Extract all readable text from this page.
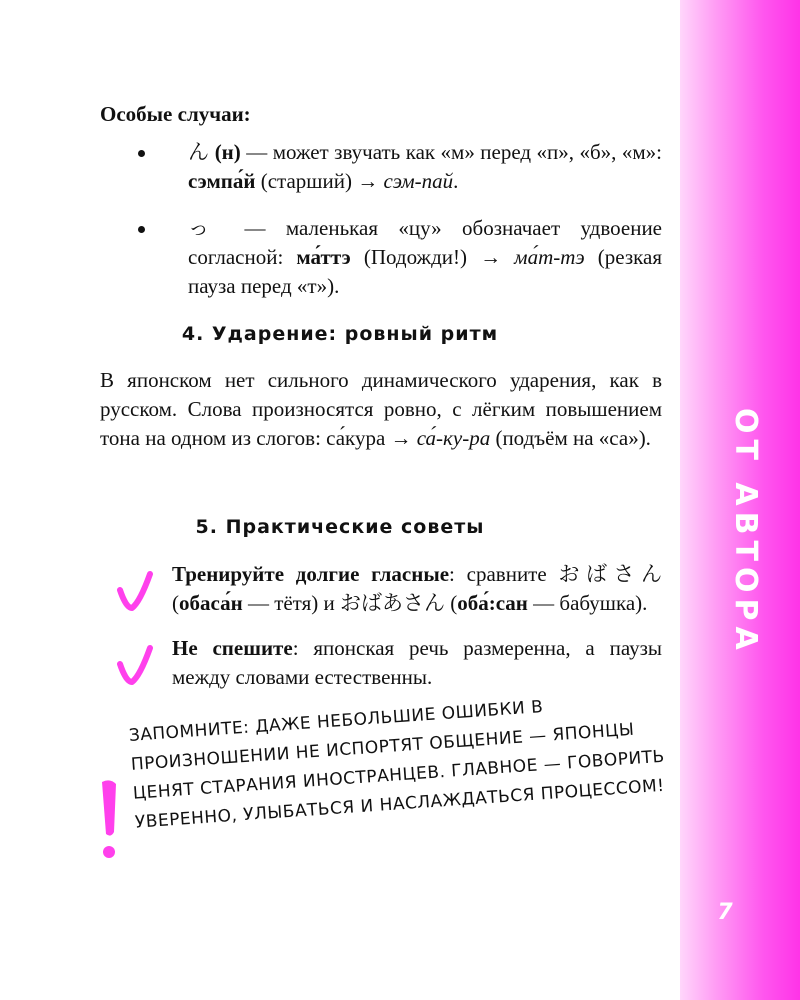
Особые случаи:
ん (н) — может звучать как «м» перед «п», «б», «м»: сэмпа́й (старший) → сэм-пай.
っ — маленькая «цу» обозначает удвоение согласной: ма́ттэ (Подожди!) → ма́т-тэ (резкая пауза перед «т»).
4. Ударение: ровный ритм
В японском нет сильного динамического ударения, как в русском. Слова произносятся ровно, с лёгким повышением тона на одном из слогов: са́кура → са́-ку-ра (подъём на «са»).
5. Практические советы
Тренируйте долгие гласные: сравните おばさん (обаса́н — тётя) и おばあさん (оба́:сан — бабушка).
Не спешите: японская речь размеренна, а паузы между словами естественны.
ЗАПОМНИТЕ: ДАЖЕ НЕБОЛЬШИЕ ОШИБКИ В ПРОИЗНОШЕНИИ НЕ ИСПОРТЯТ ОБЩЕНИЕ — ЯПОНЦЫ ЦЕНЯТ СТАРАНИЯ ИНОСТРАНЦЕВ. ГЛАВНОЕ — ГОВОРИТЬ УВЕРЕННО, УЛЫБАТЬСЯ И НАСЛАЖДАТЬСЯ ПРОЦЕССОМ!
ОТ АВТОРА
7
